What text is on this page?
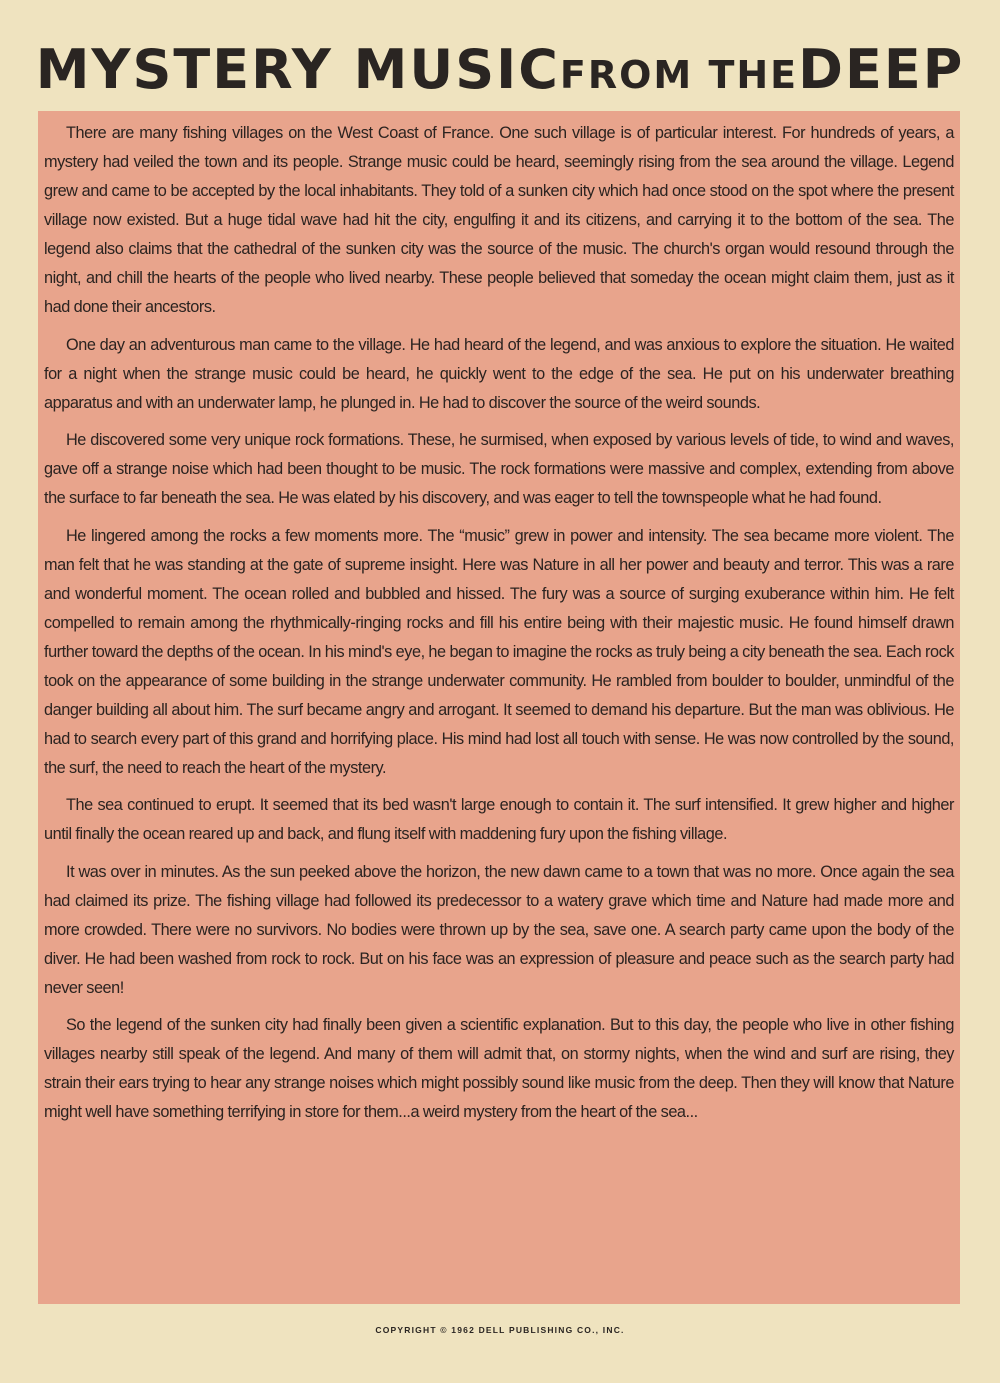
MYSTERY MUSIC FROM THE DEEP

There are many fishing villages on the West Coast of France. One such village is of particular interest. For hundreds of years, a mystery had veiled the town and its people. Strange music could be heard, seemingly rising from the sea around the village. Legend grew and came to be accepted by the local inhabitants. They told of a sunken city which had once stood on the spot where the present village now existed. But a huge tidal wave had hit the city, engulfing it and its citizens, and carrying it to the bottom of the sea. The legend also claims that the cathedral of the sunken city was the source of the music. The church's organ would resound through the night, and chill the hearts of the people who lived nearby. These people believed that someday the ocean might claim them, just as it had done their ancestors.

One day an adventurous man came to the village. He had heard of the legend, and was anxious to explore the situation. He waited for a night when the strange music could be heard, he quickly went to the edge of the sea. He put on his underwater breathing apparatus and with an underwater lamp, he plunged in. He had to discover the source of the weird sounds.

He discovered some very unique rock formations. These, he surmised, when exposed by various levels of tide, to wind and waves, gave off a strange noise which had been thought to be music. The rock formations were massive and complex, extending from above the surface to far beneath the sea. He was elated by his discovery, and was eager to tell the townspeople what he had found.

He lingered among the rocks a few moments more. The “music” grew in power and intensity. The sea became more violent. The man felt that he was standing at the gate of supreme insight. Here was Nature in all her power and beauty and terror. This was a rare and wonderful moment. The ocean rolled and bubbled and hissed. The fury was a source of surging exuberance within him. He felt compelled to remain among the rhythmically-ringing rocks and fill his entire being with their majestic music. He found himself drawn further toward the depths of the ocean. In his mind's eye, he began to imagine the rocks as truly being a city beneath the sea. Each rock took on the appearance of some building in the strange underwater community. He rambled from boulder to boulder, unmindful of the danger building all about him. The surf became angry and arrogant. It seemed to demand his departure. But the man was oblivious. He had to search every part of this grand and horrifying place. His mind had lost all touch with sense. He was now controlled by the sound, the surf, the need to reach the heart of the mystery.

The sea continued to erupt. It seemed that its bed wasn't large enough to contain it. The surf intensified. It grew higher and higher until finally the ocean reared up and back, and flung itself with maddening fury upon the fishing village.

It was over in minutes. As the sun peeked above the horizon, the new dawn came to a town that was no more. Once again the sea had claimed its prize. The fishing village had followed its predecessor to a watery grave which time and Nature had made more and more crowded. There were no survivors. No bodies were thrown up by the sea, save one. A search party came upon the body of the diver. He had been washed from rock to rock. But on his face was an expression of pleasure and peace such as the search party had never seen!

So the legend of the sunken city had finally been given a scientific explanation. But to this day, the people who live in other fishing villages nearby still speak of the legend. And many of them will admit that, on stormy nights, when the wind and surf are rising, they strain their ears trying to hear any strange noises which might possibly sound like music from the deep. Then they will know that Nature might well have something terrifying in store for them...a weird mystery from the heart of the sea...

COPYRIGHT © 1962 DELL PUBLISHING CO., INC.
